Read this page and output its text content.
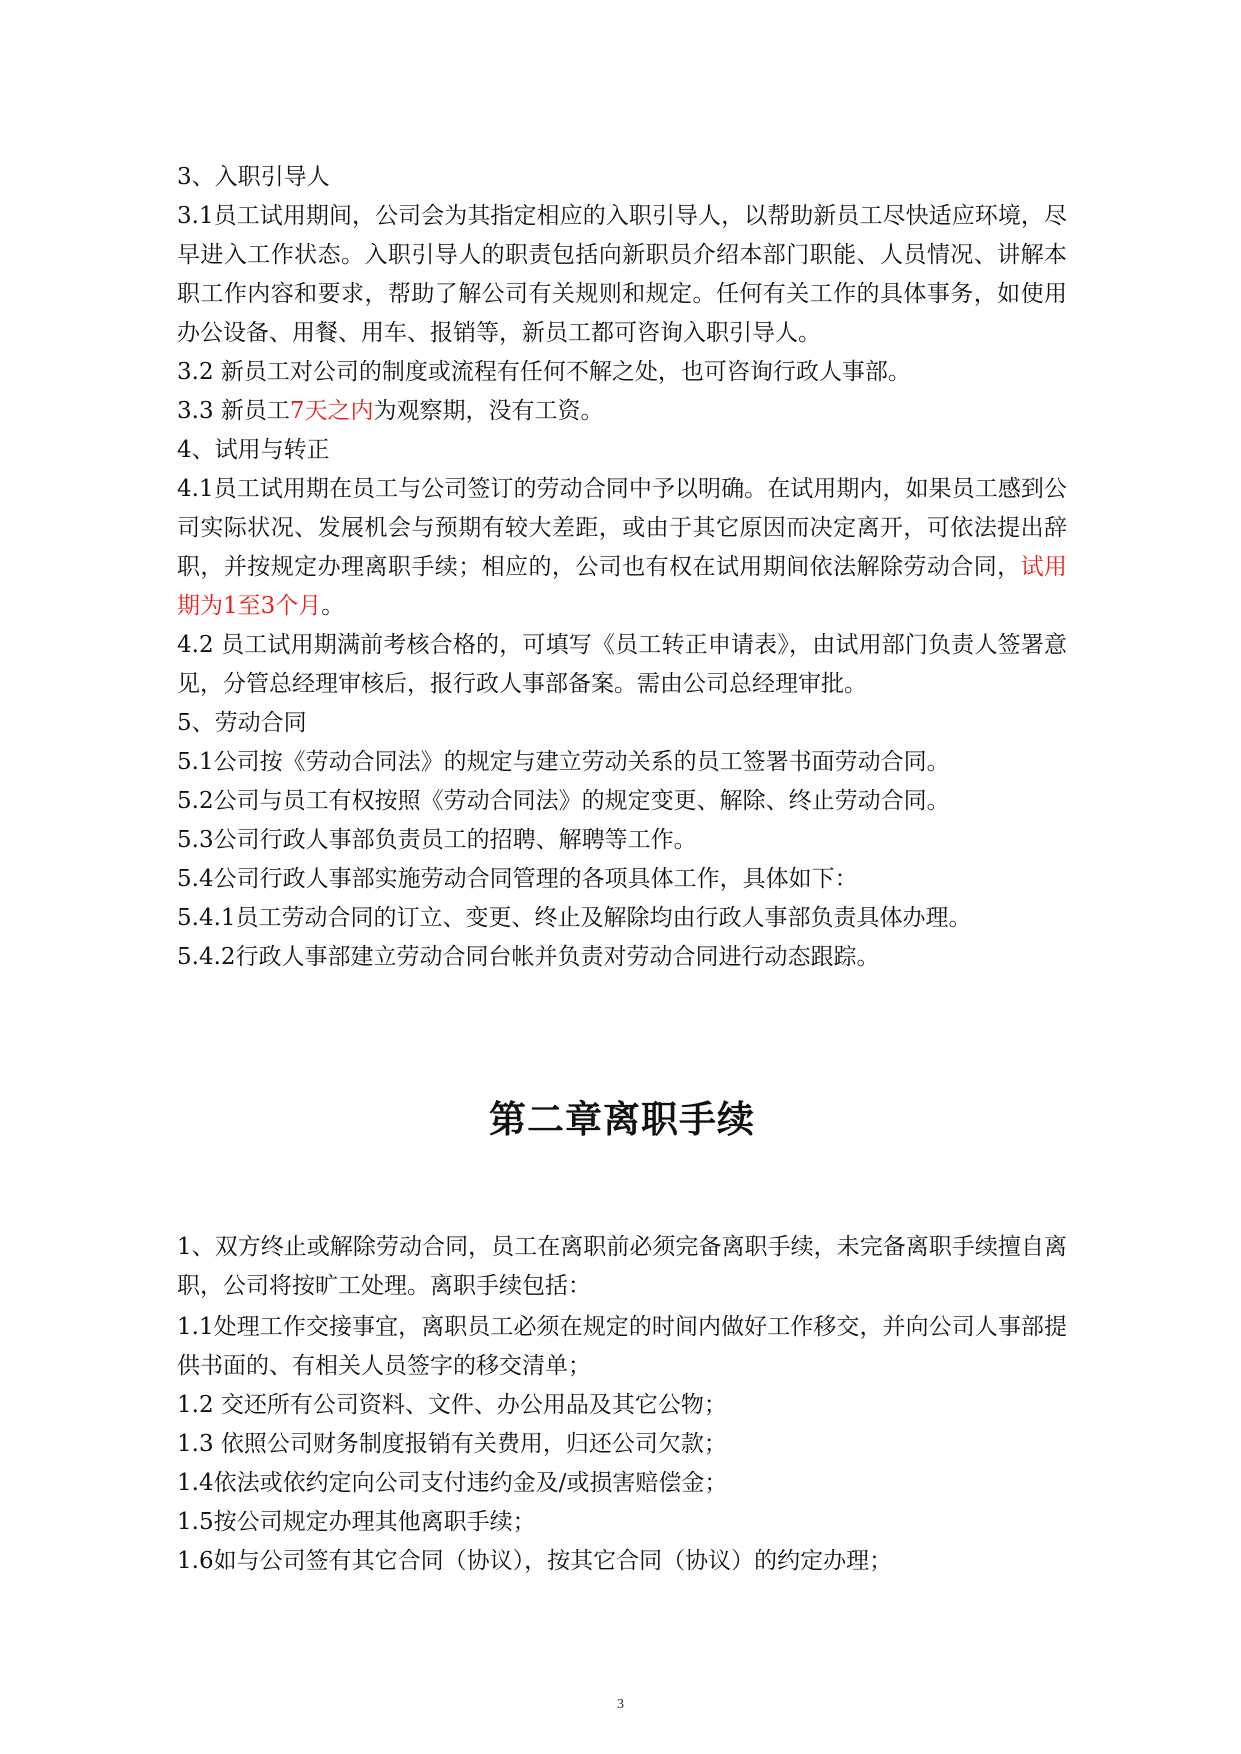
3、入职引导人

3.1员工试用期间，公司会为其指定相应的入职引导人，以帮助新员工尽快适应环境，尽早进入工作状态。入职引导人的职责包括向新职员介绍本部门职能、人员情况、讲解本职工作内容和要求，帮助了解公司有关规则和规定。任何有关工作的具体事务，如使用办公设备、用餐、用车、报销等，新员工都可咨询入职引导人。

3.2 新员工对公司的制度或流程有任何不解之处，也可咨询行政人事部。

3.3 新员工7天之内为观察期，没有工资。

4、试用与转正

4.1员工试用期在员工与公司签订的劳动合同中予以明确。在试用期内，如果员工感到公司实际状况、发展机会与预期有较大差距，或由于其它原因而决定离开，可依法提出辞职，并按规定办理离职手续；相应的，公司也有权在试用期间依法解除劳动合同，试用期为1至3个月。

4.2 员工试用期满前考核合格的，可填写《员工转正申请表》，由试用部门负责人签署意见，分管总经理审核后，报行政人事部备案。需由公司总经理审批。

5、劳动合同

5.1公司按《劳动合同法》的规定与建立劳动关系的员工签署书面劳动合同。

5.2公司与员工有权按照《劳动合同法》的规定变更、解除、终止劳动合同。

5.3公司行政人事部负责员工的招聘、解聘等工作。

5.4公司行政人事部实施劳动合同管理的各项具体工作，具体如下：

5.4.1员工劳动合同的订立、变更、终止及解除均由行政人事部负责具体办理。

5.4.2行政人事部建立劳动合同台帐并负责对劳动合同进行动态跟踪。

第二章离职手续

1、双方终止或解除劳动合同，员工在离职前必须完备离职手续，未完备离职手续擅自离职，公司将按旷工处理。离职手续包括：

1.1处理工作交接事宜，离职员工必须在规定的时间内做好工作移交，并向公司人事部提供书面的、有相关人员签字的移交清单；

1.2 交还所有公司资料、文件、办公用品及其它公物；

1.3 依照公司财务制度报销有关费用，归还公司欠款；

1.4依法或依约定向公司支付违约金及/或损害赔偿金；

1.5按公司规定办理其他离职手续；

1.6如与公司签有其它合同（协议），按其它合同（协议）的约定办理；

3
